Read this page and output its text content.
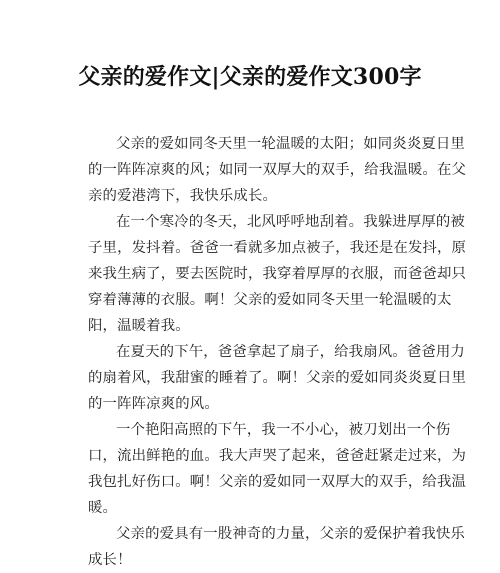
父亲的爱作文|父亲的爱作文300字

父亲的爱如同冬天里一轮温暖的太阳；如同炎炎夏日里的一阵阵凉爽的风；如同一双厚大的双手，给我温暖。在父亲的爱港湾下，我快乐成长。

在一个寒冷的冬天，北风呼呼地刮着。我躲进厚厚的被子里，发抖着。爸爸一看就多加点被子，我还是在发抖，原来我生病了，要去医院时，我穿着厚厚的衣服，而爸爸却只穿着薄薄的衣服。啊！父亲的爱如同冬天里一轮温暖的太阳，温暖着我。

在夏天的下午，爸爸拿起了扇子，给我扇风。爸爸用力的扇着风，我甜蜜的睡着了。啊！父亲的爱如同炎炎夏日里的一阵阵凉爽的风。

一个艳阳高照的下午，我一不小心，被刀划出一个伤口，流出鲜艳的血。我大声哭了起来，爸爸赶紧走过来，为我包扎好伤口。啊！父亲的爱如同一双厚大的双手，给我温暖。

父亲的爱具有一股神奇的力量，父亲的爱保护着我快乐成长！
